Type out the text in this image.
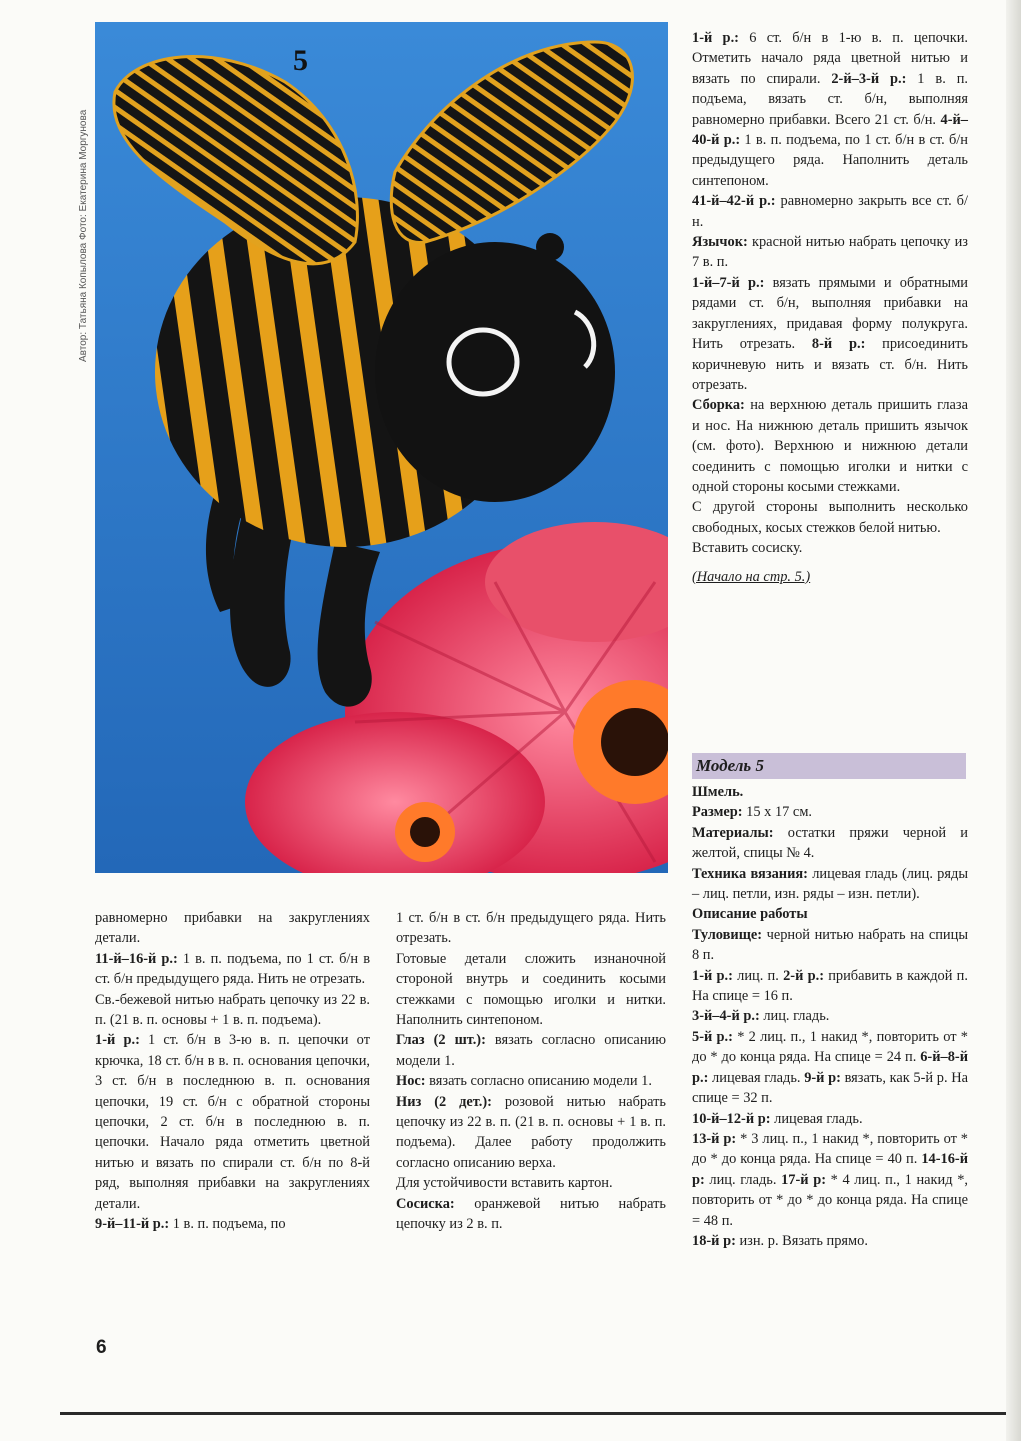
Автор: Татьяна Копылова Фото: Екатерина Моргунова
5

1-й р.: 6 ст. б/н в 1-ю в. п. цепочки. Отметить начало ряда цветной нитью и вязать по спирали. 2-й–3-й р.: 1 в. п. подъема, вязать ст. б/н, выполняя равномерно прибавки. Всего 21 ст. б/н. 4-й–40-й р.: 1 в. п. подъема, по 1 ст. б/н в ст. б/н предыдущего ряда. Наполнить деталь синтепоном.

41-й–42-й р.: равномерно закрыть все ст. б/н.

Язычок: красной нитью набрать цепочку из 7 в. п.

1-й–7-й р.: вязать прямыми и обратными рядами ст. б/н, выполняя прибавки на закруглениях, придавая форму полукруга. Нить отрезать. 8-й р.: присоединить коричневую нить и вязать ст. б/н. Нить отрезать.

Сборка: на верхнюю деталь пришить глаза и нос. На нижнюю деталь пришить язычок (см. фото). Верхнюю и нижнюю детали соединить с помощью иголки и нитки с одной стороны косыми стежками.

С другой стороны выполнить несколько свободных, косых стежков белой нитью.

Вставить сосиску.

(Начало на стр. 5.)

Модель 5

Шмель.

Размер: 15 х 17 см.

Материалы: остатки пряжи черной и желтой, спицы № 4.

Техника вязания: лицевая гладь (лиц. ряды – лиц. петли, изн. ряды – изн. петли).

Описание работы

Туловище: черной нитью набрать на спицы 8 п.

1-й р.: лиц. п. 2-й р.: прибавить в каждой п. На спице = 16 п.

3-й–4-й р.: лиц. гладь.

5-й р.: * 2 лиц. п., 1 накид *, повторить от * до * до конца ряда. На спице = 24 п. 6-й–8-й р.: лицевая гладь. 9-й р: вязать, как 5-й р. На спице = 32 п.

10-й–12-й р: лицевая гладь.

13-й р: * 3 лиц. п., 1 накид *, повторить от * до * до конца ряда. На спице = 40 п. 14-16-й р: лиц. гладь. 17-й р: * 4 лиц. п., 1 накид *, повторить от * до * до конца ряда. На спице = 48 п.

18-й р: изн. р. Вязать прямо.

равномерно прибавки на закруглениях детали.

11-й–16-й р.: 1 в. п. подъема, по 1 ст. б/н в ст. б/н предыдущего ряда. Нить не отрезать.

Св.-бежевой нитью набрать цепочку из 22 в. п. (21 в. п. основы + 1 в. п. подъема).

1-й р.: 1 ст. б/н в 3-ю в. п. цепочки от крючка, 18 ст. б/н в в. п. основания цепочки, 3 ст. б/н в последнюю в. п. основания цепочки, 19 ст. б/н с обратной стороны цепочки, 2 ст. б/н в последнюю в. п. цепочки. Начало ряда отметить цветной нитью и вязать по спирали ст. б/н по 8-й ряд, выполняя прибавки на закруглениях детали.

9-й–11-й р.: 1 в. п. подъема, по

1 ст. б/н в ст. б/н предыдущего ряда. Нить отрезать.

Готовые детали сложить изнаночной стороной внутрь и соединить косыми стежками с помощью иголки и нитки. Наполнить синтепоном.

Глаз (2 шт.): вязать согласно описанию модели 1.

Нос: вязать согласно описанию модели 1.

Низ (2 дет.): розовой нитью набрать цепочку из 22 в. п. (21 в. п. основы + 1 в. п. подъема). Далее работу продолжить согласно описанию верха.

Для устойчивости вставить картон.

Сосиска: оранжевой нитью набрать цепочку из 2 в. п.

6
